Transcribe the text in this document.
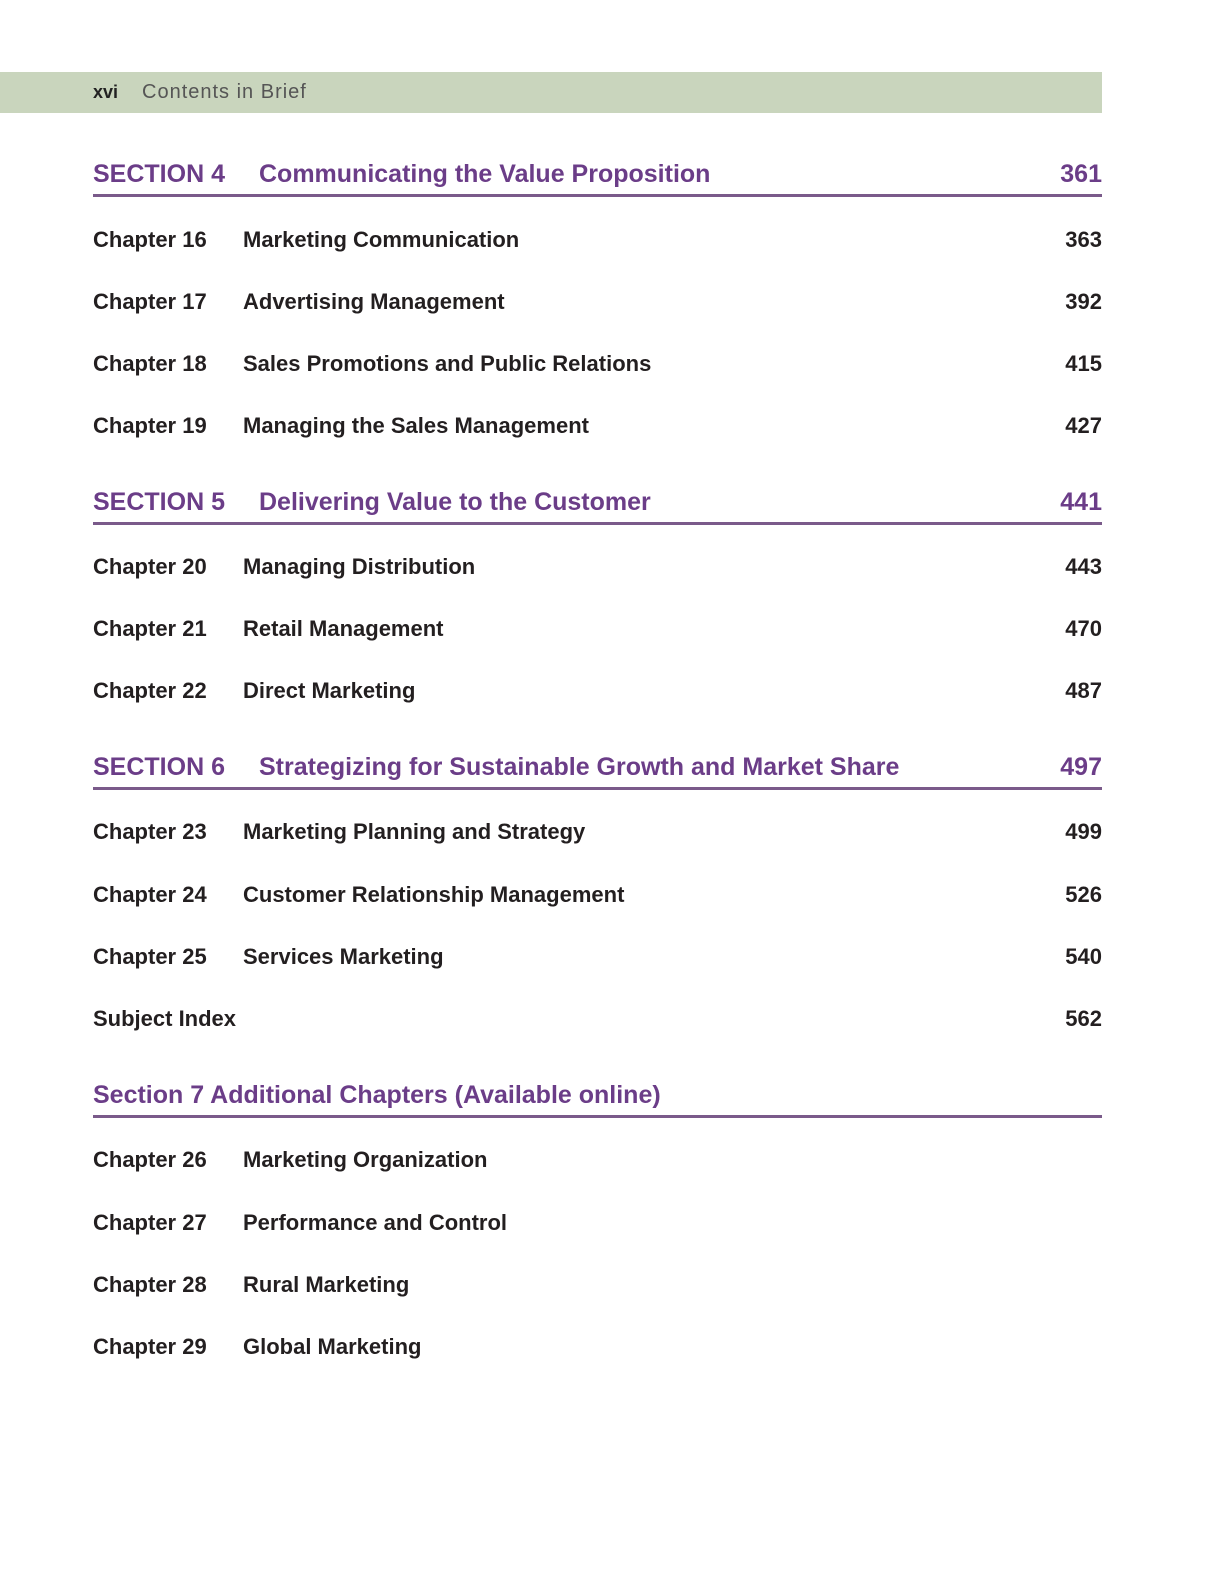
xvi Contents in Brief
SECTION 4 Communicating the Value Proposition	361
Chapter 16 Marketing Communication	363
Chapter 17 Advertising Management	392
Chapter 18 Sales Promotions and Public Relations	415
Chapter 19 Managing the Sales Management	427
SECTION 5 Delivering Value to the Customer	441
Chapter 20 Managing Distribution	443
Chapter 21 Retail Management	470
Chapter 22 Direct Marketing	487
SECTION 6 Strategizing for Sustainable Growth and Market Share	497
Chapter 23 Marketing Planning and Strategy	499
Chapter 24 Customer Relationship Management	526
Chapter 25 Services Marketing	540
Subject Index	562
Section 7 Additional Chapters (Available online)
Chapter 26 Marketing Organization
Chapter 27 Performance and Control
Chapter 28 Rural Marketing
Chapter 29 Global Marketing
